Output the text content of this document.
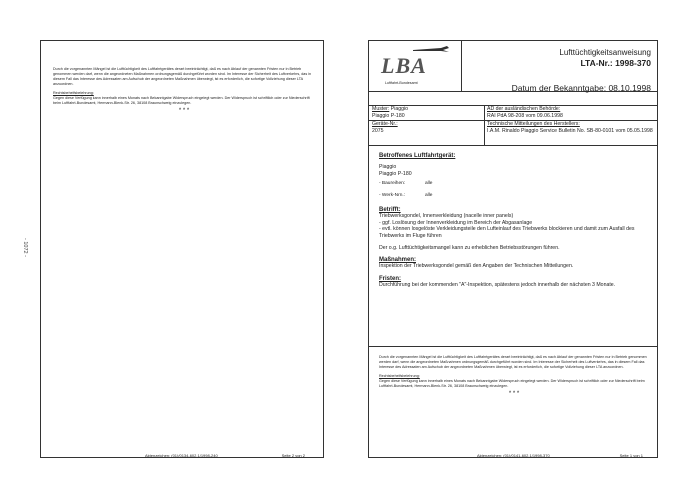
- 1072 -
Durch die vorgenannten Mängel ist die Lufttüchtigkeit des Luftfahrtgerätes derart beeinträchtigt, daß es nach Ablauf der genannten Fristen nur in Betrieb genommen werden darf, wenn die angeordneten Maßnahmen ordnungsgemäß durchgeführt worden sind. Im Interesse der Sicherheit des Luftverkehrs, das in diesem Fall das Interesse des Adressaten am Aufschub der angeordneten Maßnahmen überwiegt, ist es erforderlich, die sofortige Vollziehung dieser LTA anzuordnen.
Rechtsbehelfsbelehrung:
Gegen diese Verfügung kann innerhalb eines Monats nach Bekanntgabe Widerspruch eingelegt werden. Der Widerspruch ist schriftlich oder zur Niederschrift beim Luftfahrt-Bundesamt, Hermann-Blenk-Str. 26, 38108 Braunschweig einzulegen.
* * *
Aktenzeichen: (01)/0134-602.1/1998-240	Seite 2 von 2
LBA
Luftfahrt-Bundesamt
Lufttüchtigkeitsanweisung
LTA-Nr.: 1998-370
Datum der Bekanntgabe: 08.10.1998
Muster: Piaggio
Piaggio P-180
AD der ausländischen Behörde:
RAI PdA 98-208 vom 09.06.1998
Geräte-Nr.:
2075
Technische Mitteilungen des Herstellers:
I.A.M. Rinaldo Piaggio Service Bulletin No. SB-80-0101 vom 05.05.1998
Betroffenes Luftfahrtgerät:
Piaggio
Piaggio P-180
- Baureihen:	alle
- Werk-Nrn.:	alle
Betrifft:
Triebwerksgondel, Innenverkleidung (nacelle inner panels)
- ggf. Loslösung der Innenverkleidung im Bereich der Abgasanlage
- evtl. können losgelöste Verkleidungsteile den Lufteinlauf des Triebwerks blockieren und damit zum Ausfall des Triebwerks im Fluge führen
Der o.g. Lufttüchtigkeitsmangel kann zu erheblichen Betriebsstörungen führen.
Maßnahmen:
Inspektion der Triebwerksgondel gemäß den Angaben der Technischen Mitteilungen.
Fristen:
Durchführung bei der kommenden "A"-Inspektion, spätestens jedoch innerhalb der nächsten 3 Monate.
Durch die vorgenannten Mängel ist die Lufttüchtigkeit des Luftfahrtgerätes derart beeinträchtigt, daß es nach Ablauf der genannten Fristen nur in Betrieb genommen werden darf, wenn die angeordneten Maßnahmen ordnungsgemäß durchgeführt worden sind. Im Interesse der Sicherheit des Luftverkehrs, das in diesem Fall das Interesse des Adressaten am Aufschub der angeordneten Maßnahmen überwiegt, ist es erforderlich, die sofortige Vollziehung dieser LTA anzuordnen.
Rechtsbehelfsbelehrung:
Gegen diese Verfügung kann innerhalb eines Monats nach Bekanntgabe Widerspruch eingelegt werden. Der Widerspruch ist schriftlich oder zur Niederschrift beim Luftfahrt-Bundesamt, Hermann-Blenk-Str. 26, 38108 Braunschweig einzulegen.
* * *
Aktenzeichen: (01)/0141-602.1/1998-370	Seite 1 von 1
